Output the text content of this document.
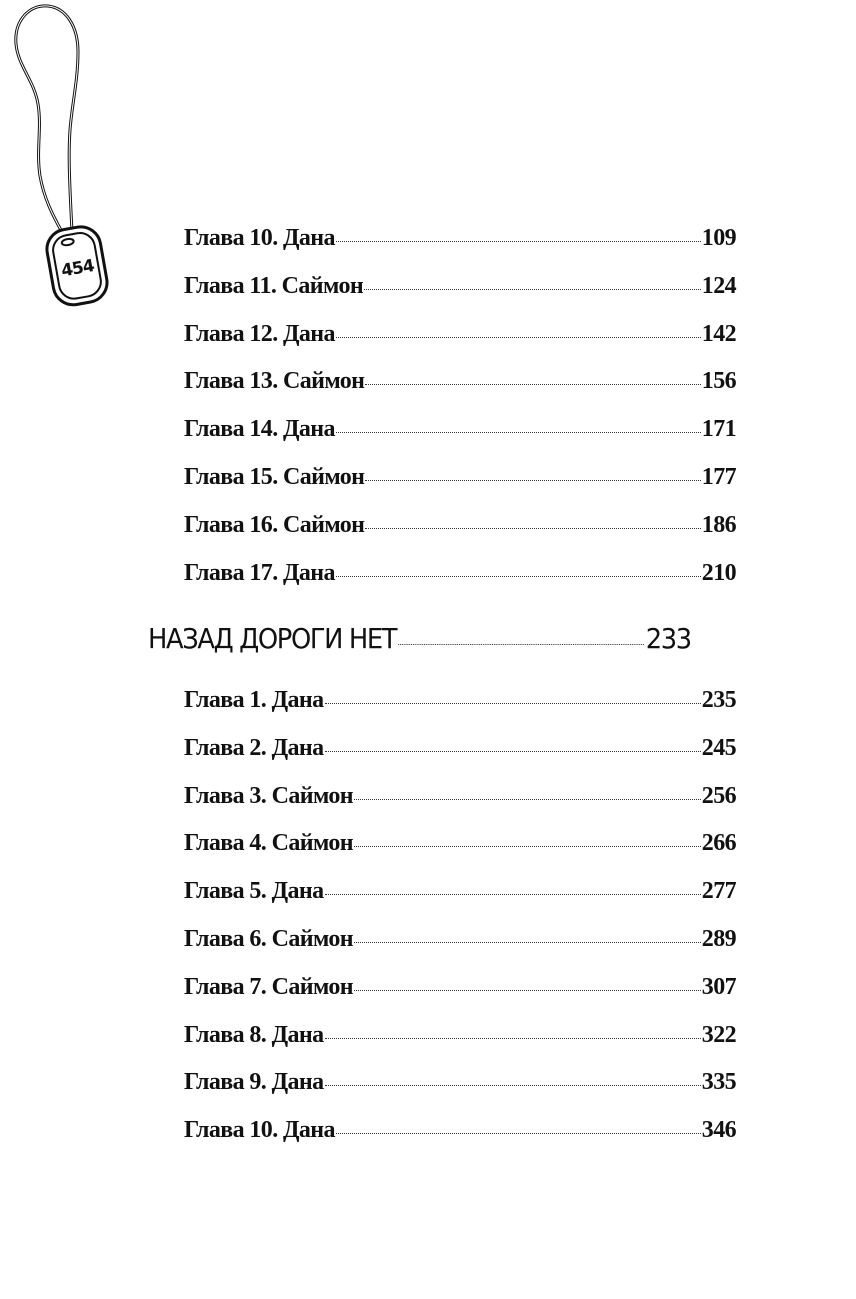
454
Глава 10. Дана	109
Глава 11. Саймон	124
Глава 12. Дана	142
Глава 13. Саймон	156
Глава 14. Дана	171
Глава 15. Саймон	177
Глава 16. Саймон	186
Глава 17. Дана	210
НАЗАД ДОРОГИ НЕТ	233
Глава 1. Дана	235
Глава 2. Дана	245
Глава 3. Саймон	256
Глава 4. Саймон	266
Глава 5. Дана	277
Глава 6. Саймон	289
Глава 7. Саймон	307
Глава 8. Дана	322
Глава 9. Дана	335
Глава 10. Дана	346
